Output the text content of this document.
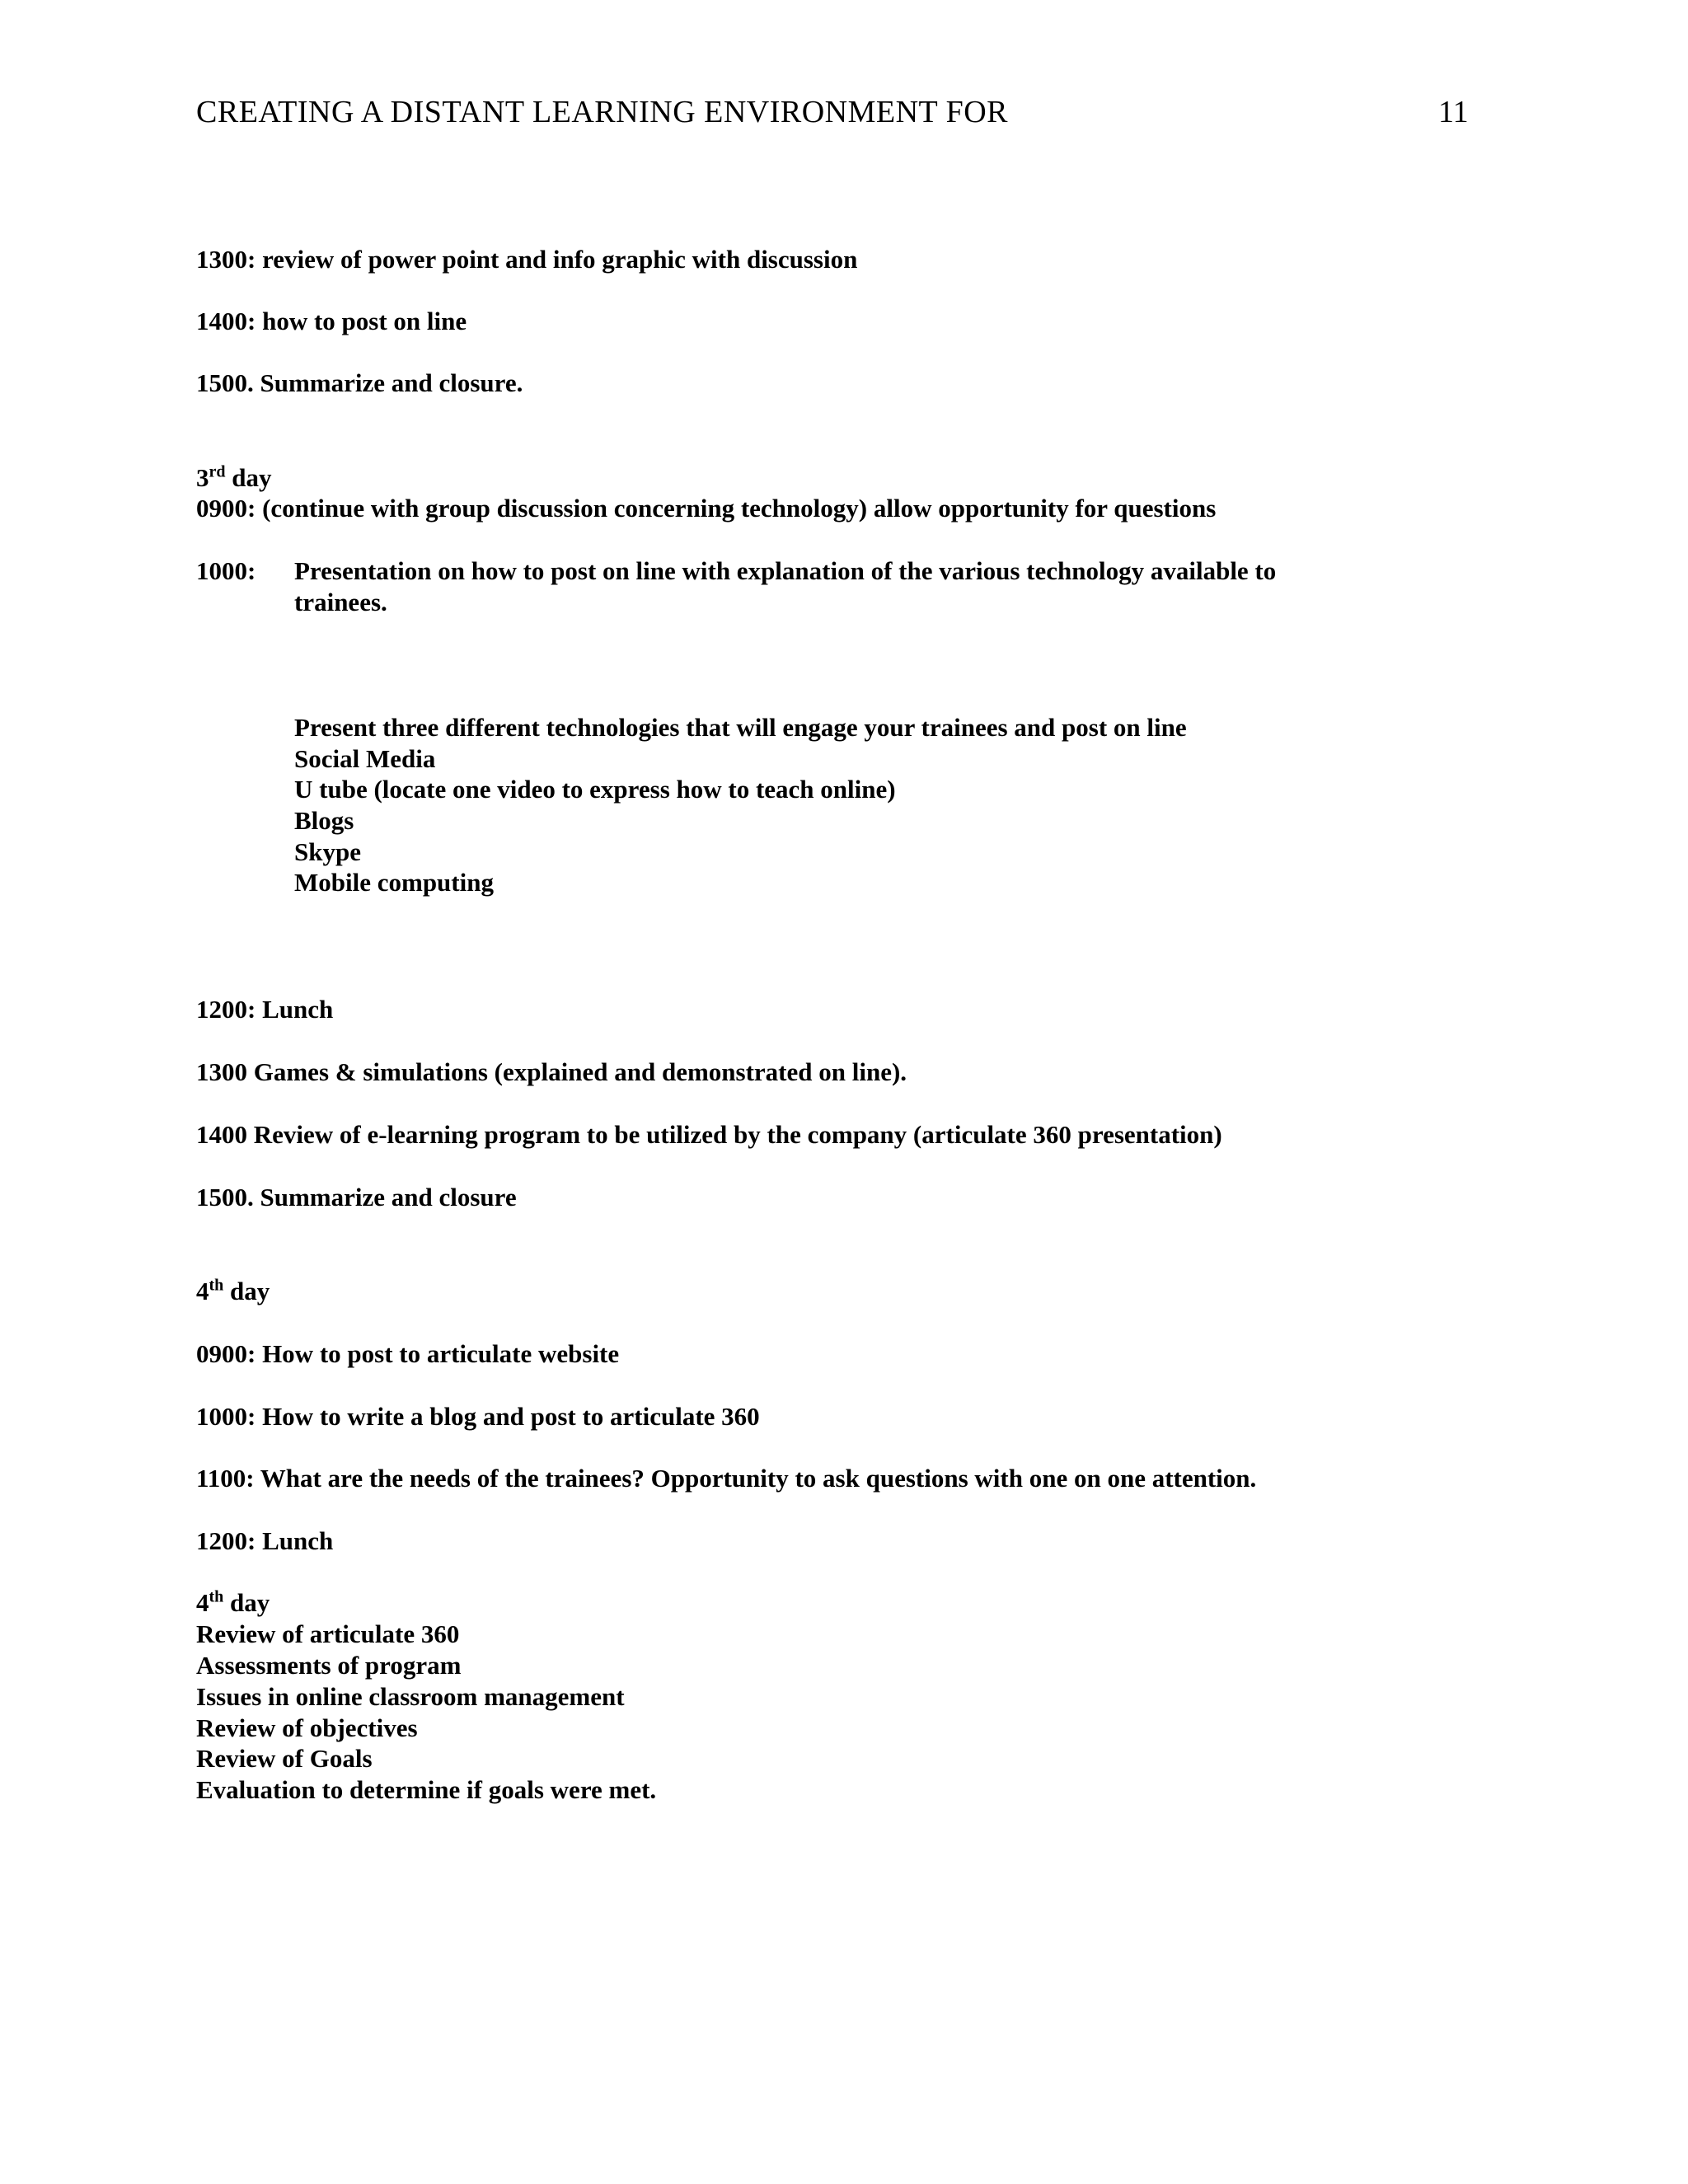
CREATING A DISTANT LEARNING ENVIRONMENT FOR	11
1300: review of power point and info graphic with discussion
1400: how to post on line
1500. Summarize and closure.
3rd day
0900: (continue with group discussion concerning technology) allow opportunity for questions
1000: Presentation on how to post on line with explanation of the various technology available to
trainees.
Present three different technologies that will engage your trainees and post on line
Social Media
U tube (locate one video to express how to teach online)
Blogs
Skype
Mobile computing
1200: Lunch
1300 Games & simulations (explained and demonstrated on line).
1400 Review of e-learning program to be utilized by the company (articulate 360 presentation)
1500. Summarize and closure
4th day
0900: How to post to articulate website
1000: How to write a blog and post to articulate 360
1100: What are the needs of the trainees? Opportunity to ask questions with one on one attention.
1200: Lunch
4th day
Review of articulate 360
Assessments of program
Issues in online classroom management
Review of objectives
Review of Goals
Evaluation to determine if goals were met.
